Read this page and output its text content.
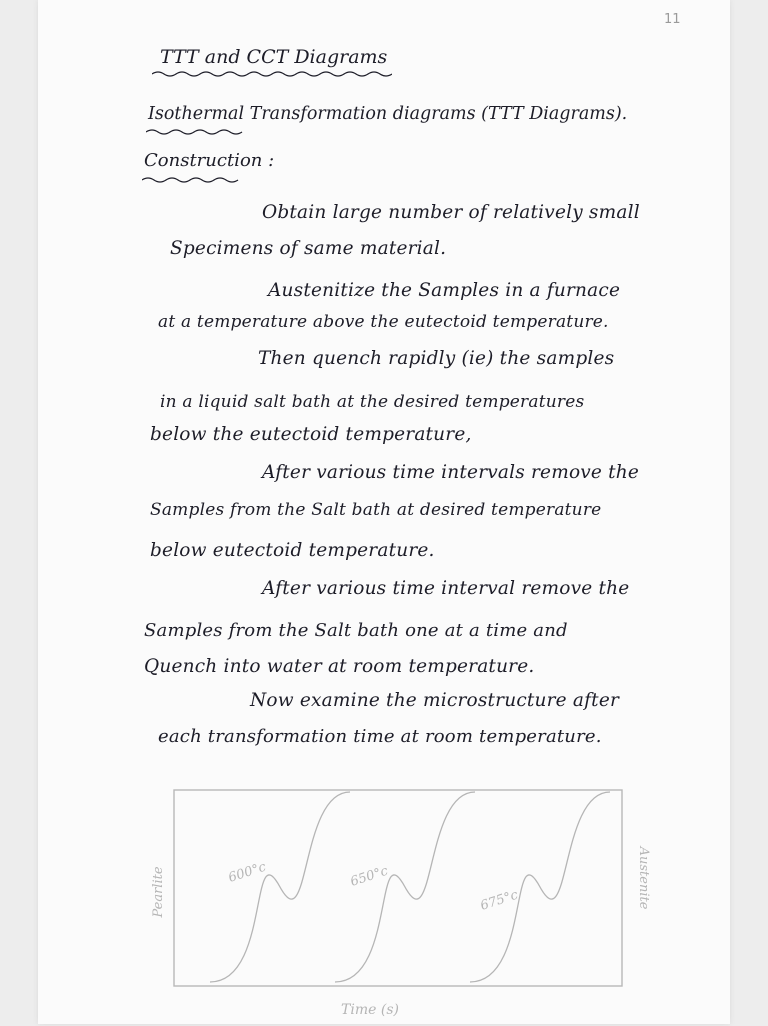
11
TTT and CCT Diagrams
Isothermal Transformation diagrams (TTT Diagrams).
Construction :
Obtain large number of relatively small
Specimens of same material.
Austenitize the Samples in a furnace
at a temperature above the eutectoid temperature.
Then quench rapidly (ie) the samples
in a liquid salt bath at the desired temperatures
below the eutectoid temperature,
After various time intervals remove the
Samples from the Salt bath at desired temperature
below eutectoid temperature.
After various time interval remove the
Samples from the Salt bath one at a time and
Quench into water at room temperature.
Now examine the microstructure after
each transformation time at room temperature.
600°c	650°c
675°c
Pearlite	Austenite
Time (s)
